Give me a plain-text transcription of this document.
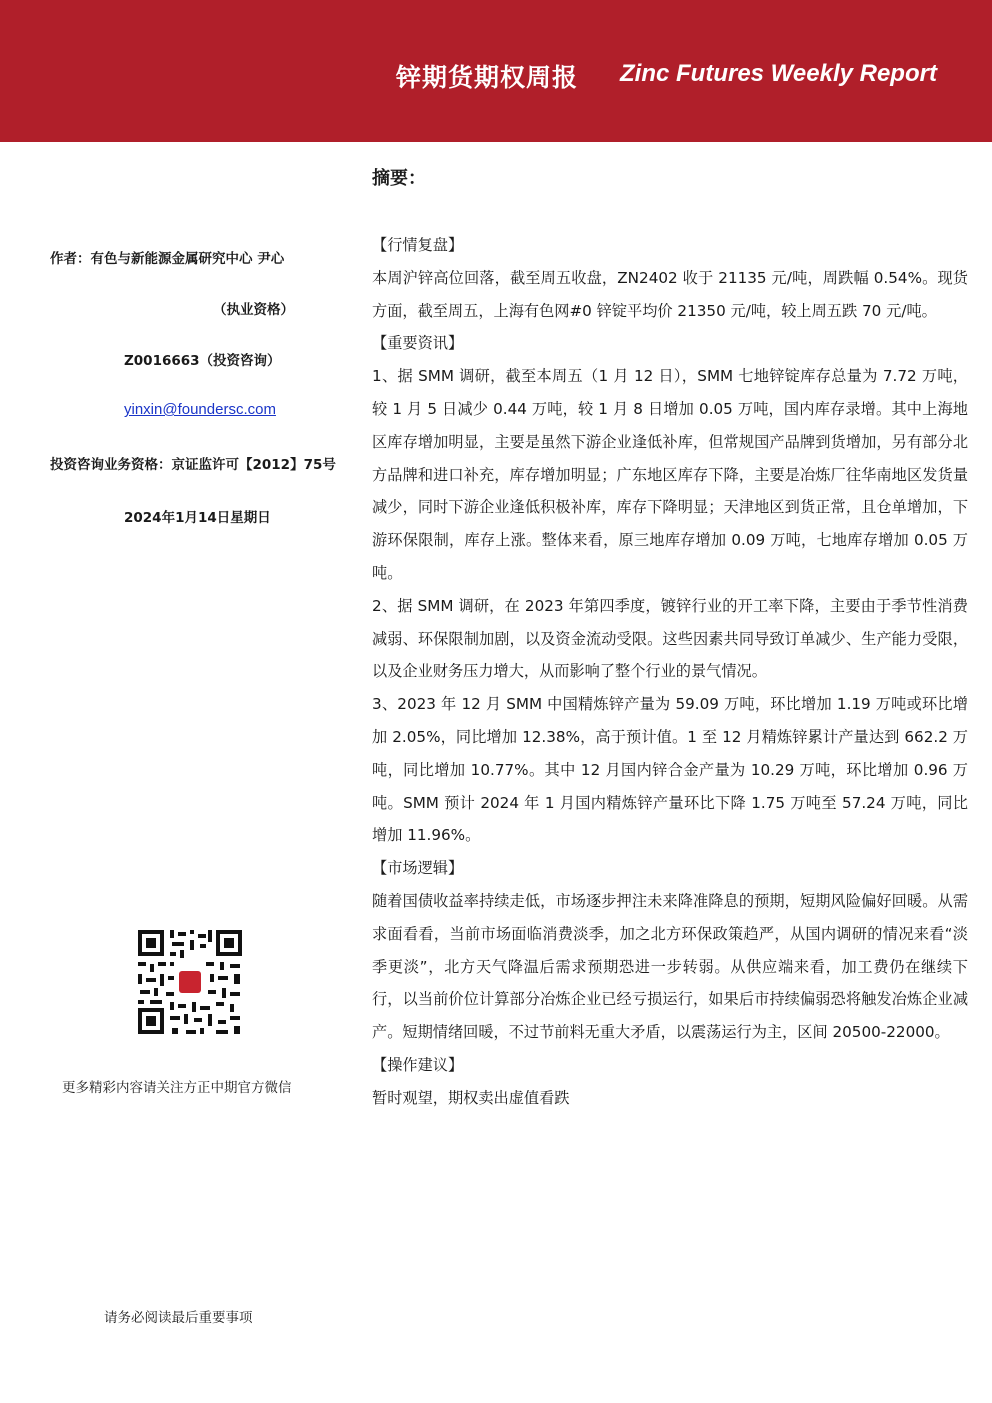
锌期货期权周报 Zinc Futures Weekly Report
摘要：
作者：有色与新能源金属研究中心 尹心
（执业资格）
Z0016663（投资咨询）
yinxin@foundersc.com
投资咨询业务资格：京证监许可【2012】75号
2024年1月14日星期日
更多精彩内容请关注方正中期官方微信
请务必阅读最后重要事项

【行情复盘】

本周沪锌高位回落，截至周五收盘，ZN2402 收于 21135 元/吨，周跌幅 0.54%。现货方面，截至周五，上海有色网#0 锌锭平均价 21350 元/吨，较上周五跌 70 元/吨。

【重要资讯】

1、据 SMM 调研，截至本周五（1 月 12 日），SMM 七地锌锭库存总量为 7.72 万吨，较 1 月 5 日减少 0.44 万吨，较 1 月 8 日增加 0.05 万吨，国内库存录增。其中上海地区库存增加明显，主要是虽然下游企业逢低补库，但常规国产品牌到货增加，另有部分北方品牌和进口补充，库存增加明显；广东地区库存下降，主要是冶炼厂往华南地区发货量减少，同时下游企业逢低积极补库，库存下降明显；天津地区到货正常，且仓单增加，下游环保限制，库存上涨。整体来看，原三地库存增加 0.09 万吨，七地库存增加 0.05 万吨。

2、据 SMM 调研，在 2023 年第四季度，镀锌行业的开工率下降，主要由于季节性消费减弱、环保限制加剧，以及资金流动受限。这些因素共同导致订单减少、生产能力受限，以及企业财务压力增大，从而影响了整个行业的景气情况。

3、2023 年 12 月 SMM 中国精炼锌产量为 59.09 万吨，环比增加 1.19 万吨或环比增加 2.05%，同比增加 12.38%，高于预计值。1 至 12 月精炼锌累计产量达到 662.2 万吨，同比增加 10.77%。其中 12 月国内锌合金产量为 10.29 万吨，环比增加 0.96 万吨。SMM 预计 2024 年 1 月国内精炼锌产量环比下降 1.75 万吨至 57.24 万吨，同比增加 11.96%。

【市场逻辑】

随着国债收益率持续走低，市场逐步押注未来降准降息的预期，短期风险偏好回暖。从需求面看看，当前市场面临消费淡季，加之北方环保政策趋严，从国内调研的情况来看“淡季更淡”，北方天气降温后需求预期恐进一步转弱。从供应端来看，加工费仍在继续下行，以当前价位计算部分冶炼企业已经亏损运行，如果后市持续偏弱恐将触发冶炼企业减产。短期情绪回暖，不过节前料无重大矛盾，以震荡运行为主，区间 20500-22000。

【操作建议】

暂时观望，期权卖出虚值看跌
